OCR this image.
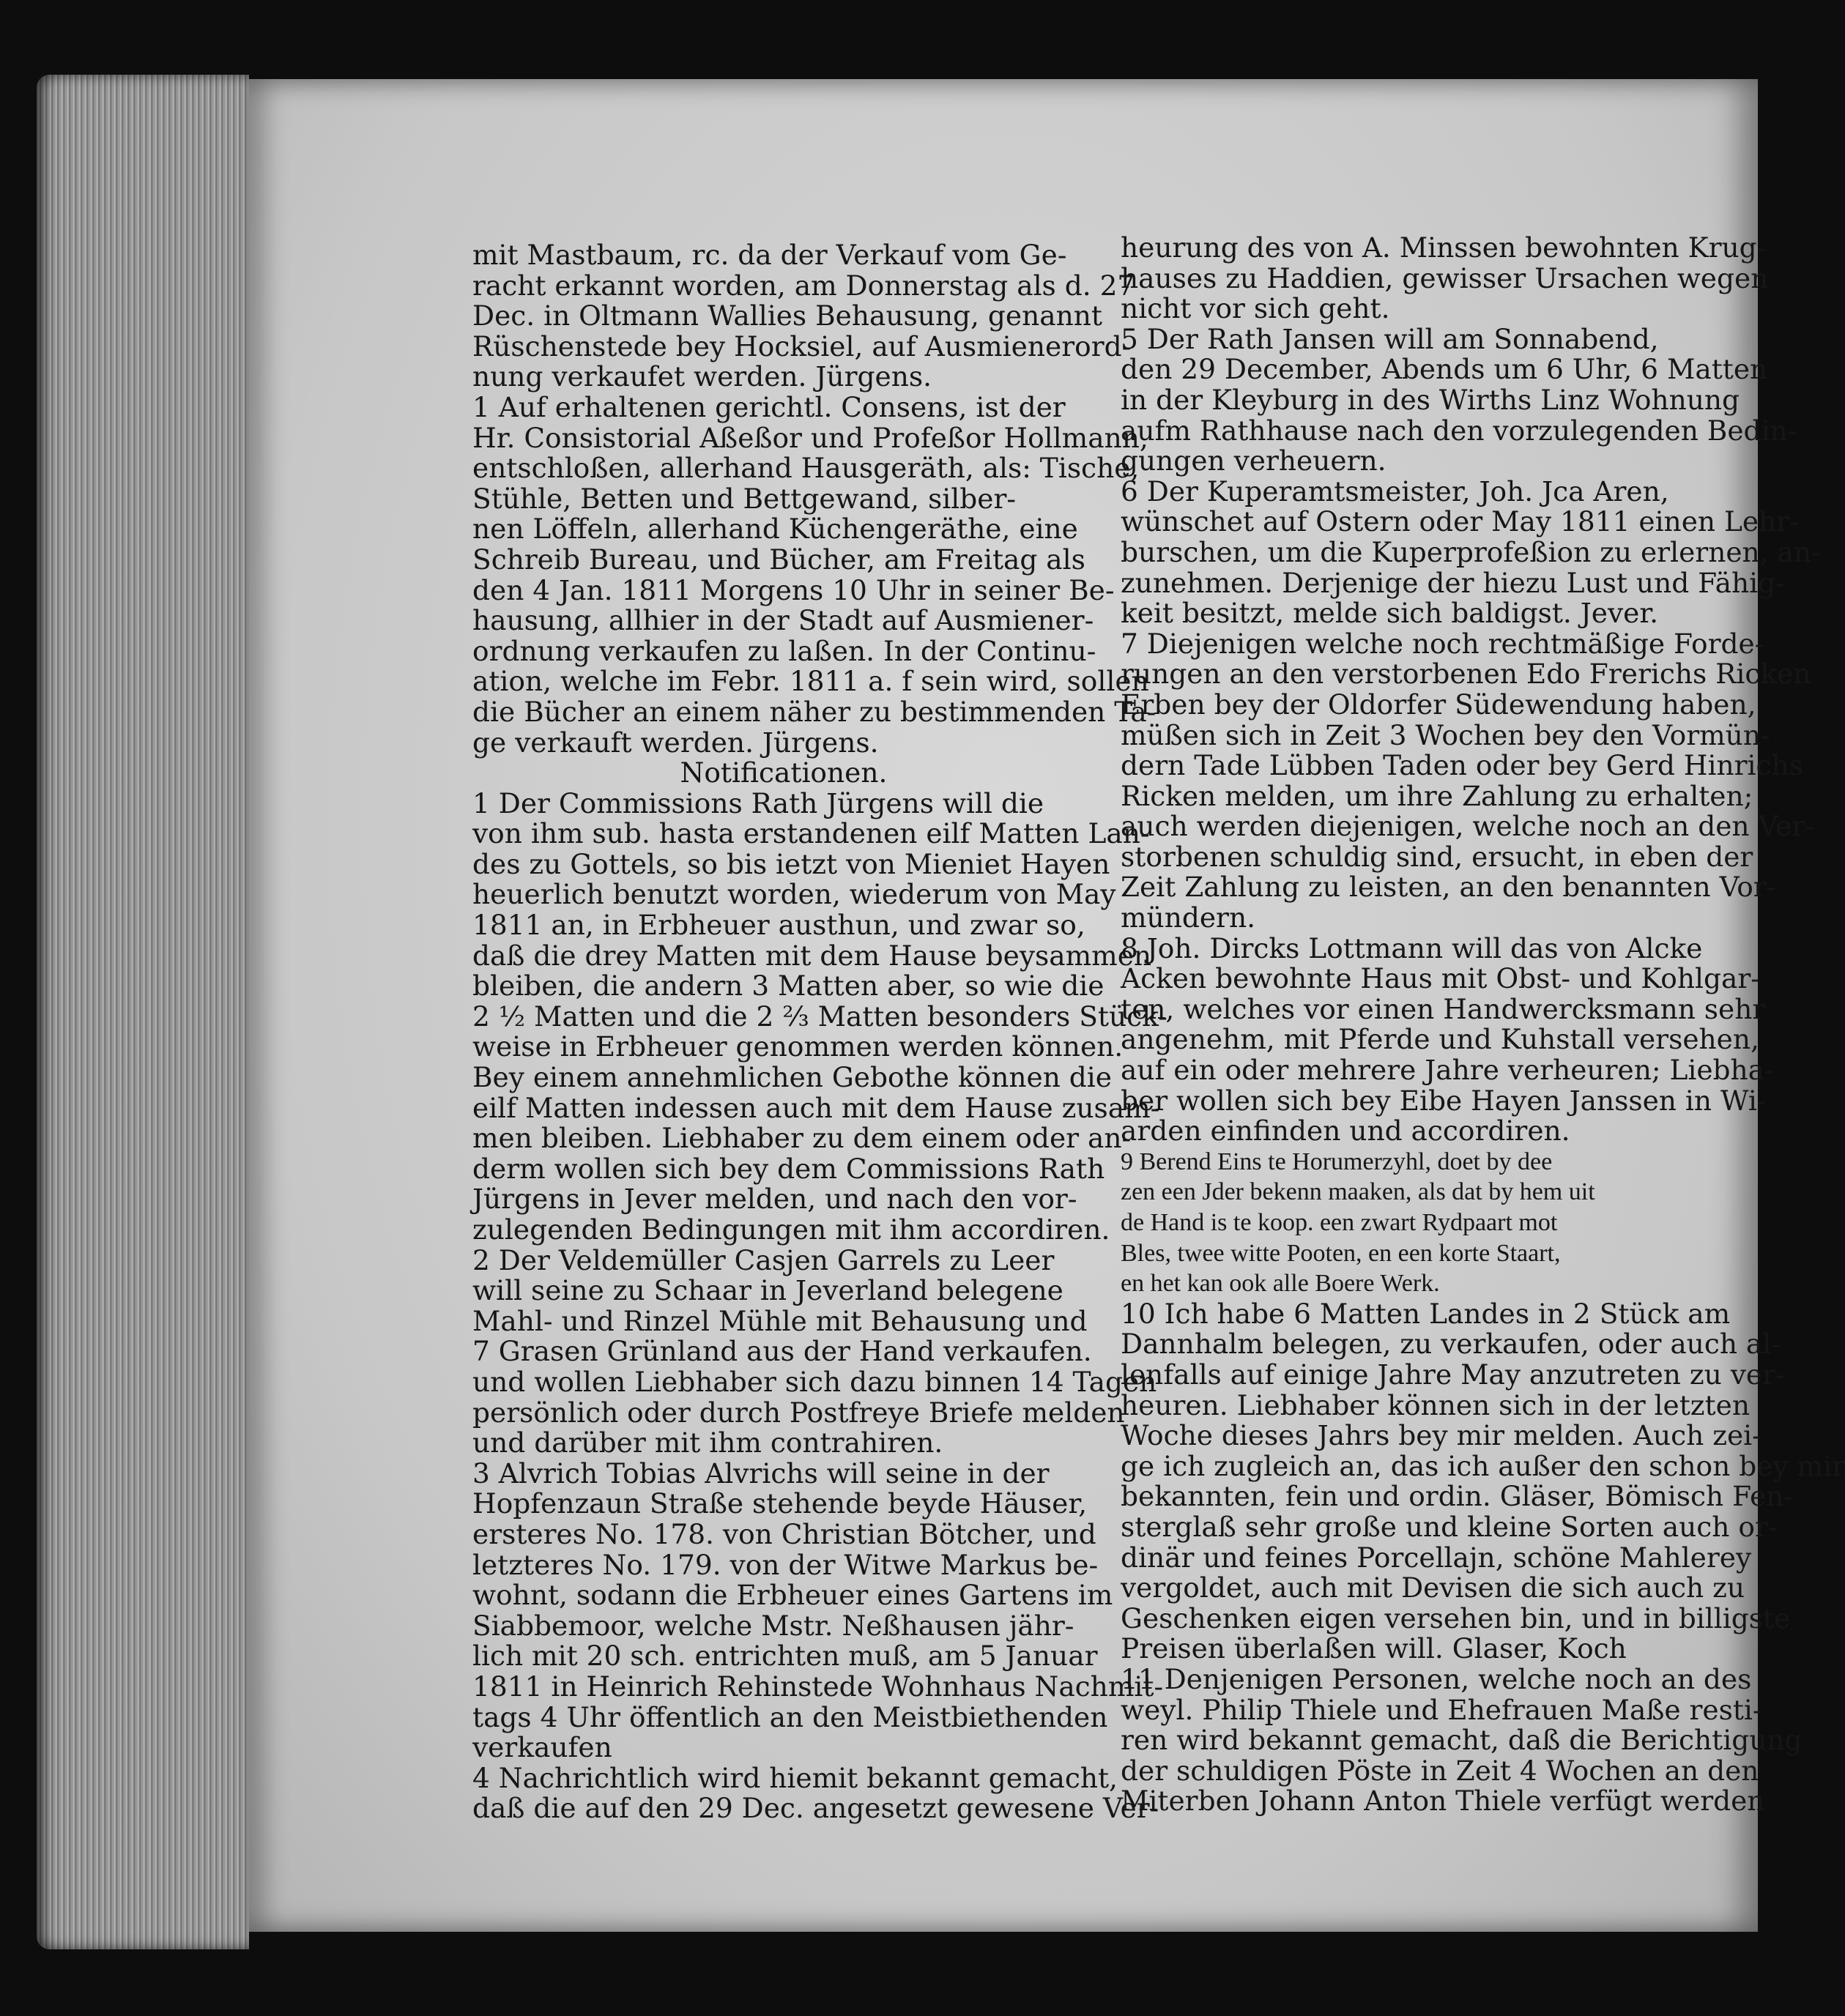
mit Mastbaum, rc. da der Verkauf vom Ge-
racht erkannt worden, am Donnerstag als d. 27
Dec. in Oltmann Wallies Behausung, genannt
Rüschenstede bey Hocksiel, auf Ausmienerord-
nung verkaufet werden. Jürgens.
1 Auf erhaltenen gerichtl. Consens, ist der
Hr. Consistorial Aßeßor und Profeßor Hollmann,
entschloßen, allerhand Hausgeräth, als: Tische,
Stühle, Betten und Bettgewand, silber-
nen Löffeln, allerhand Küchengeräthe, eine
Schreib Bureau, und Bücher, am Freitag als
den 4 Jan. 1811 Morgens 10 Uhr in seiner Be-
hausung, allhier in der Stadt auf Ausmiener-
ordnung verkaufen zu laßen. In der Continu-
ation, welche im Febr. 1811 a. f sein wird, sollen
die Bücher an einem näher zu bestimmenden Ta-
ge verkauft werden. Jürgens.
Notificationen.
1 Der Commissions Rath Jürgens will die
von ihm sub. hasta erstandenen eilf Matten Lan-
des zu Gottels, so bis ietzt von Mieniet Hayen
heuerlich benutzt worden, wiederum von May
1811 an, in Erbheuer austhun, und zwar so,
daß die drey Matten mit dem Hause beysammen
bleiben, die andern 3 Matten aber, so wie die
2 ½ Matten und die 2 ⅔ Matten besonders Stück-
weise in Erbheuer genommen werden können.
Bey einem annehmlichen Gebothe können die
eilf Matten indessen auch mit dem Hause zusam-
men bleiben. Liebhaber zu dem einem oder an-
derm wollen sich bey dem Commissions Rath
Jürgens in Jever melden, und nach den vor-
zulegenden Bedingungen mit ihm accordiren.
2 Der Veldemüller Casjen Garrels zu Leer
will seine zu Schaar in Jeverland belegene
Mahl- und Rinzel Mühle mit Behausung und
7 Grasen Grünland aus der Hand verkaufen.
und wollen Liebhaber sich dazu binnen 14 Tagen
persönlich oder durch Postfreye Briefe melden
und darüber mit ihm contrahiren.
3 Alvrich Tobias Alvrichs will seine in der
Hopfenzaun Straße stehende beyde Häuser,
ersteres No. 178. von Christian Bötcher, und
letzteres No. 179. von der Witwe Markus be-
wohnt, sodann die Erbheuer eines Gartens im
Siabbemoor, welche Mstr. Neßhausen jähr-
lich mit 20 sch. entrichten muß, am 5 Januar
1811 in Heinrich Rehinstede Wohnhaus Nachmit-
tags 4 Uhr öffentlich an den Meistbiethenden
verkaufen
4 Nachrichtlich wird hiemit bekannt gemacht,
daß die auf den 29 Dec. angesetzt gewesene Ver-
heurung des von A. Minssen bewohnten Krug-
hauses zu Haddien, gewisser Ursachen wegen
nicht vor sich geht.
5 Der Rath Jansen will am Sonnabend,
den 29 December, Abends um 6 Uhr, 6 Matten
in der Kleyburg in des Wirths Linz Wohnung
aufm Rathhause nach den vorzulegenden Bedin-
gungen verheuern.
6 Der Kuperamtsmeister, Joh. Jca Aren,
wünschet auf Ostern oder May 1811 einen Lehr-
burschen, um die Kuperprofeßion zu erlernen, an-
zunehmen. Derjenige der hiezu Lust und Fähig-
keit besitzt, melde sich baldigst. Jever.
7 Diejenigen welche noch rechtmäßige Forde-
rungen an den verstorbenen Edo Frerichs Ricken
Erben bey der Oldorfer Südewendung haben,
müßen sich in Zeit 3 Wochen bey den Vormün-
dern Tade Lübben Taden oder bey Gerd Hinrichs
Ricken melden, um ihre Zahlung zu erhalten;
auch werden diejenigen, welche noch an den Ver-
storbenen schuldig sind, ersucht, in eben der
Zeit Zahlung zu leisten, an den benannten Vor-
mündern.
8 Joh. Dircks Lottmann will das von Alcke
Acken bewohnte Haus mit Obst- und Kohlgar-
ten, welches vor einen Handwercksmann sehr
angenehm, mit Pferde und Kuhstall versehen,
auf ein oder mehrere Jahre verheuren; Liebha-
ber wollen sich bey Eibe Hayen Janssen in Wi-
arden einfinden und accordiren.
9 Berend Eins te Horumerzyhl, doet by dee
zen een Jder bekenn maaken, als dat by hem uit
de Hand is te koop. een zwart Rydpaart mot
Bles, twee witte Pooten, en een korte Staart,
en het kan ook alle Boere Werk.
10 Ich habe 6 Matten Landes in 2 Stück am
Dannhalm belegen, zu verkaufen, oder auch al-
lenfalls auf einige Jahre May anzutreten zu ver-
heuren. Liebhaber können sich in der letzten
Woche dieses Jahrs bey mir melden. Auch zei-
ge ich zugleich an, das ich außer den schon bey mir
bekannten, fein und ordin. Gläser, Bömisch Fen-
sterglaß sehr große und kleine Sorten auch or-
dinär und feines Porcellajn, schöne Mahlerey
vergoldet, auch mit Devisen die sich auch zu
Geschenken eigen versehen bin, und in billigste
Preisen überlaßen will. Glaser, Koch
11 Denjenigen Personen, welche noch an des
weyl. Philip Thiele und Ehefrauen Maße resti-
ren wird bekannt gemacht, daß die Berichtigung
der schuldigen Pöste in Zeit 4 Wochen an den
Miterben Johann Anton Thiele verfügt werden
